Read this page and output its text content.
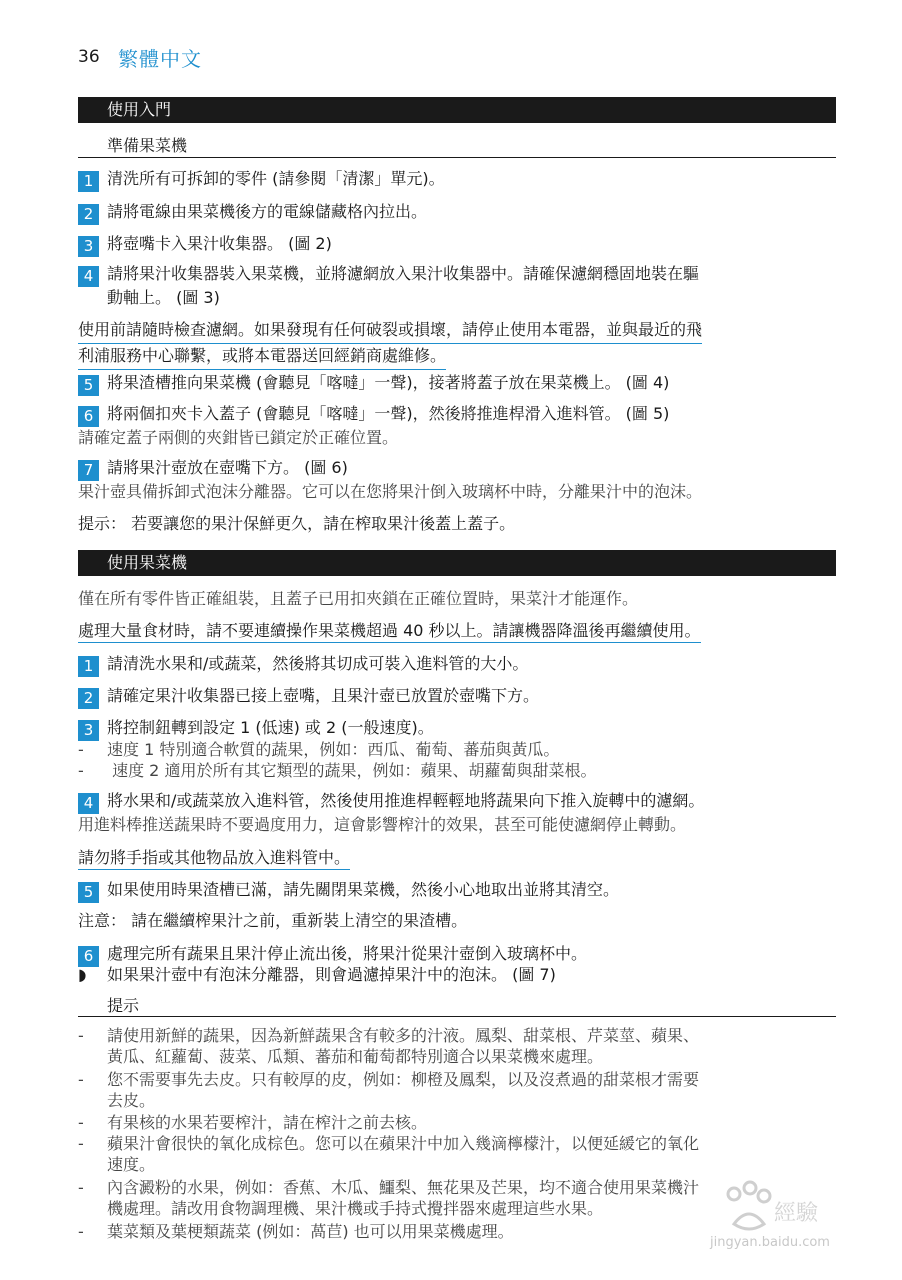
36 繁體中文
使用入門
準備果菜機
1 清洗所有可拆卸的零件 (請參閱「清潔」單元)。
2 請將電線由果菜機後方的電線儲藏格內拉出。
3 將壺嘴卡入果汁收集器。 (圖 2)
4 請將果汁收集器裝入果菜機，並將濾網放入果汁收集器中。請確保濾網穩固地裝在驅
動軸上。 (圖 3)
使用前請隨時檢查濾網。如果發現有任何破裂或損壞，請停止使用本電器，並與最近的飛
利浦服務中心聯繫，或將本電器送回經銷商處維修。
5 將果渣槽推向果菜機 (會聽見「喀噠」一聲)，接著將蓋子放在果菜機上。 (圖 4)
6 將兩個扣夾卡入蓋子 (會聽見「喀噠」一聲)，然後將推進桿滑入進料管。 (圖 5)
請確定蓋子兩側的夾鉗皆已鎖定於正確位置。
7 請將果汁壺放在壺嘴下方。 (圖 6)
果汁壺具備拆卸式泡沫分離器。它可以在您將果汁倒入玻璃杯中時，分離果汁中的泡沫。
提示： 若要讓您的果汁保鮮更久，請在榨取果汁後蓋上蓋子。
使用果菜機
僅在所有零件皆正確組裝，且蓋子已用扣夾鎖在正確位置時，果菜汁才能運作。
處理大量食材時，請不要連續操作果菜機超過 40 秒以上。請讓機器降溫後再繼續使用。
1 請清洗水果和/或蔬菜，然後將其切成可裝入進料管的大小。
2 請確定果汁收集器已接上壺嘴，且果汁壺已放置於壺嘴下方。
3 將控制鈕轉到設定 1 (低速) 或 2 (一般速度)。
- 速度 1 特別適合軟質的蔬果，例如：西瓜、葡萄、蕃茄與黃瓜。
- 速度 2 適用於所有其它類型的蔬果，例如：蘋果、胡蘿蔔與甜菜根。
4 將水果和/或蔬菜放入進料管，然後使用推進桿輕輕地將蔬果向下推入旋轉中的濾網。
用進料棒推送蔬果時不要過度用力，這會影響榨汁的效果，甚至可能使濾網停止轉動。
請勿將手指或其他物品放入進料管中。
5 如果使用時果渣槽已滿，請先關閉果菜機，然後小心地取出並將其清空。
注意： 請在繼續榨果汁之前，重新裝上清空的果渣槽。
6 處理完所有蔬果且果汁停止流出後，將果汁從果汁壺倒入玻璃杯中。
◗ 如果果汁壺中有泡沫分離器，則會過濾掉果汁中的泡沫。 (圖 7)
提示
- 請使用新鮮的蔬果，因為新鮮蔬果含有較多的汁液。鳳梨、甜菜根、芹菜莖、蘋果、
黃瓜、紅蘿蔔、菠菜、瓜類、蕃茄和葡萄都特別適合以果菜機來處理。
- 您不需要事先去皮。只有較厚的皮，例如：柳橙及鳳梨，以及沒煮過的甜菜根才需要
去皮。
- 有果核的水果若要榨汁，請在榨汁之前去核。
- 蘋果汁會很快的氧化成棕色。您可以在蘋果汁中加入幾滴檸檬汁，以便延緩它的氧化
速度。
- 內含澱粉的水果，例如：香蕉、木瓜、鱷梨、無花果及芒果，均不適合使用果菜機汁
機處理。請改用食物調理機、果汁機或手持式攪拌器來處理這些水果。
- 葉菜類及葉梗類蔬菜 (例如：萵苣) 也可以用果菜機處理。
經驗
jingyan.baidu.com
